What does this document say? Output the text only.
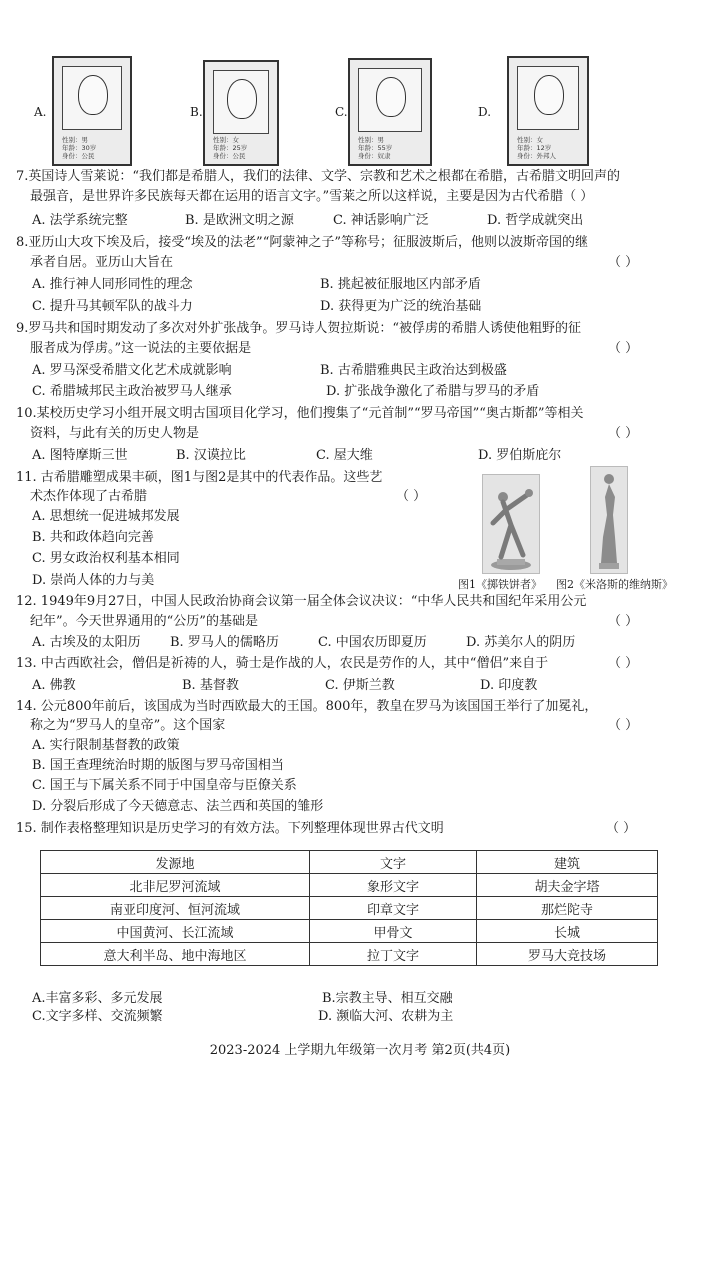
A.
性别：男
年龄：30岁
身份：公民
B.
性别：女
年龄：25岁
身份：公民
C.
性别：男
年龄：55岁
身份：奴隶
D.
性别：女
年龄：12岁
身份：外邦人
7.英国诗人雪莱说：“我们都是希腊人，我们的法律、文学、宗教和艺术之根都在希腊，古希腊文明回声的
最强音，是世界许多民族每天都在运用的语言文字。”雪莱之所以这样说，主要是因为古代希腊（ ）
A. 法学系统完整	B. 是欧洲文明之源	C. 神话影响广泛	D. 哲学成就突出
8.亚历山大攻下埃及后，接受“埃及的法老”“阿蒙神之子”等称号；征服波斯后，他则以波斯帝国的继
承者自居。亚历山大旨在	（ ）
A. 推行神人同形同性的理念	B. 挑起被征服地区内部矛盾
C. 提升马其顿军队的战斗力	D. 获得更为广泛的统治基础
9.罗马共和国时期发动了多次对外扩张战争。罗马诗人贺拉斯说：“被俘虏的希腊人诱使他粗野的征
服者成为俘虏。”这一说法的主要依据是	（ ）
A. 罗马深受希腊文化艺术成就影响	B. 古希腊雅典民主政治达到极盛
C. 希腊城邦民主政治被罗马人继承	D. 扩张战争激化了希腊与罗马的矛盾
10.某校历史学习小组开展文明古国项目化学习，他们搜集了“元首制”“罗马帝国”“奥古斯都”等相关
资料，与此有关的历史人物是	（ ）
A. 图特摩斯三世	B. 汉谟拉比	C. 屋大维	D. 罗伯斯庇尔
11. 古希腊雕塑成果丰硕，图1与图2是其中的代表作品。这些艺
术杰作体现了古希腊	（ ）
A. 思想统一促进城邦发展
B. 共和政体趋向完善
C. 男女政治权利基本相同
D. 崇尚人体的力与美	图1《掷铁饼者》 图2《米洛斯的维纳斯》
12. 1949年9月27日，中国人民政治协商会议第一届全体会议决议：“中华人民共和国纪年采用公元
纪年”。今天世界通用的“公历”的基础是	（ ）
A. 古埃及的太阳历 B. 罗马人的儒略历	C. 中国农历即夏历	D. 苏美尔人的阴历
13. 中古西欧社会，僧侣是祈祷的人，骑士是作战的人，农民是劳作的人，其中“僧侣”来自于	（ ）
A. 佛教	B. 基督教	C. 伊斯兰教	D. 印度教
14. 公元800年前后，该国成为当时西欧最大的王国。800年，教皇在罗马为该国国王举行了加冕礼，
称之为“罗马人的皇帝”。这个国家	（ ）
A. 实行限制基督教的政策
B. 国王查理统治时期的版图与罗马帝国相当
C. 国王与下属关系不同于中国皇帝与臣僚关系
D. 分裂后形成了今天德意志、法兰西和英国的雏形
15. 制作表格整理知识是历史学习的有效方法。下列整理体现世界古代文明	（ ）
发源地	文字	建筑
北非尼罗河流域	象形文字	胡夫金字塔
南亚印度河、恒河流域	印章文字	那烂陀寺
中国黄河、长江流域	甲骨文	长城
意大利半岛、地中海地区	拉丁文字	罗马大竞技场
A.丰富多彩、多元发展	B.宗教主导、相互交融
C.文字多样、交流频繁	D. 濒临大河、农耕为主
2023-2024 上学期九年级第一次月考 第2页(共4页)
